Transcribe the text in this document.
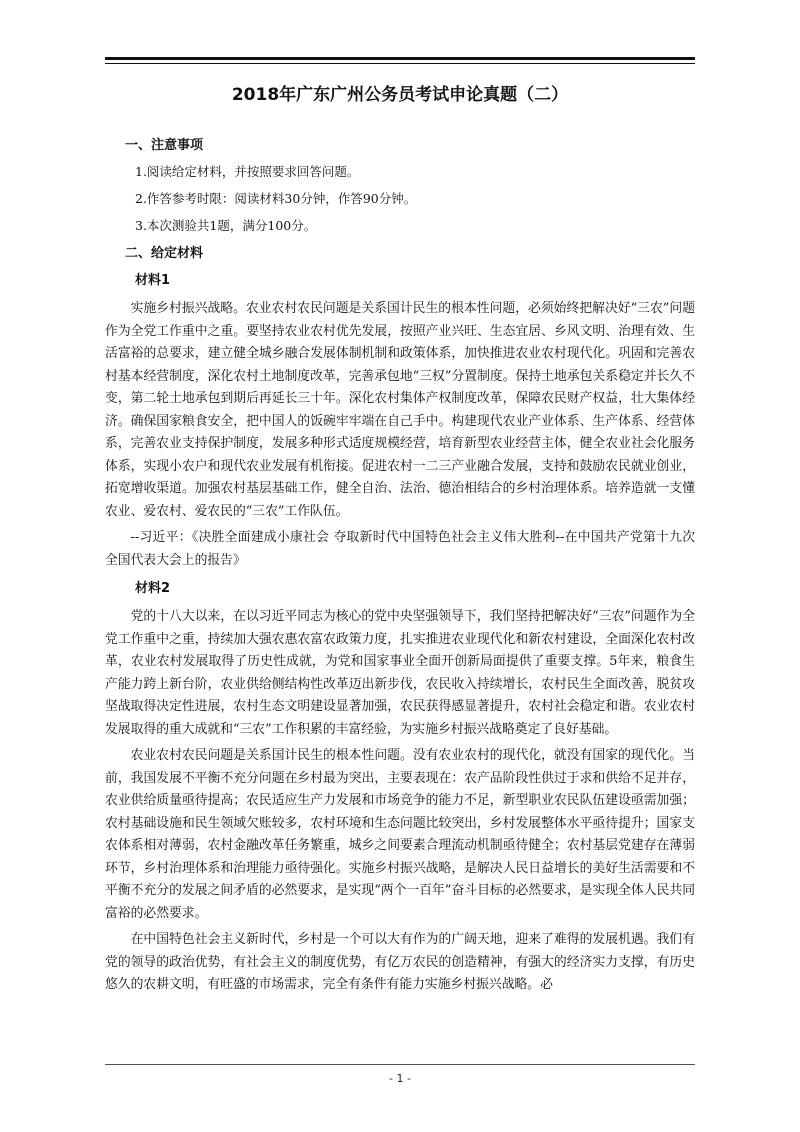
2018年广东广州公务员考试申论真题（二）
一、注意事项
1.阅读给定材料，并按照要求回答问题。
2.作答参考时限：阅读材料30分钟，作答90分钟。
3.本次测验共1题，满分100分。
二、给定材料
材料1
实施乡村振兴战略。农业农村农民问题是关系国计民生的根本性问题，必须始终把解决好“三农”问题作为全党工作重中之重。要坚持农业农村优先发展，按照产业兴旺、生态宜居、乡风文明、治理有效、生活富裕的总要求，建立健全城乡融合发展体制机制和政策体系，加快推进农业农村现代化。巩固和完善农村基本经营制度，深化农村土地制度改革，完善承包地“三权”分置制度。保持土地承包关系稳定并长久不变，第二轮土地承包到期后再延长三十年。深化农村集体产权制度改革，保障农民财产权益，壮大集体经济。确保国家粮食安全，把中国人的饭碗牢牢端在自己手中。构建现代农业产业体系、生产体系、经营体系，完善农业支持保护制度，发展多种形式适度规模经营，培育新型农业经营主体，健全农业社会化服务体系，实现小农户和现代农业发展有机衔接。促进农村一二三产业融合发展，支持和鼓励农民就业创业，拓宽增收渠道。加强农村基层基础工作，健全自治、法治、德治相结合的乡村治理体系。培养造就一支懂农业、爱农村、爱农民的“三农”工作队伍。
--习近平：《决胜全面建成小康社会 夺取新时代中国特色社会主义伟大胜利--在中国共产党第十九次全国代表大会上的报告》
材料2
党的十八大以来，在以习近平同志为核心的党中央坚强领导下，我们坚持把解决好“三农”问题作为全党工作重中之重，持续加大强农惠农富农政策力度，扎实推进农业现代化和新农村建设，全面深化农村改革，农业农村发展取得了历史性成就，为党和国家事业全面开创新局面提供了重要支撑。5年来，粮食生产能力跨上新台阶，农业供给侧结构性改革迈出新步伐，农民收入持续增长，农村民生全面改善，脱贫攻坚战取得决定性进展，农村生态文明建设显著加强，农民获得感显著提升，农村社会稳定和谐。农业农村发展取得的重大成就和“三农”工作积累的丰富经验，为实施乡村振兴战略奠定了良好基础。
农业农村农民问题是关系国计民生的根本性问题。没有农业农村的现代化，就没有国家的现代化。当前，我国发展不平衡不充分问题在乡村最为突出，主要表现在：农产品阶段性供过于求和供给不足并存，农业供给质量亟待提高；农民适应生产力发展和市场竞争的能力不足，新型职业农民队伍建设亟需加强；农村基础设施和民生领域欠账较多，农村环境和生态问题比较突出，乡村发展整体水平亟待提升；国家支农体系相对薄弱，农村金融改革任务繁重，城乡之间要素合理流动机制亟待健全；农村基层党建存在薄弱环节，乡村治理体系和治理能力亟待强化。实施乡村振兴战略，是解决人民日益增长的美好生活需要和不平衡不充分的发展之间矛盾的必然要求，是实现“两个一百年”奋斗目标的必然要求，是实现全体人民共同富裕的必然要求。
在中国特色社会主义新时代，乡村是一个可以大有作为的广阔天地，迎来了难得的发展机遇。我们有党的领导的政治优势，有社会主义的制度优势，有亿万农民的创造精神，有强大的经济实力支撑，有历史悠久的农耕文明，有旺盛的市场需求，完全有条件有能力实施乡村振兴战略。必
- 1 -
